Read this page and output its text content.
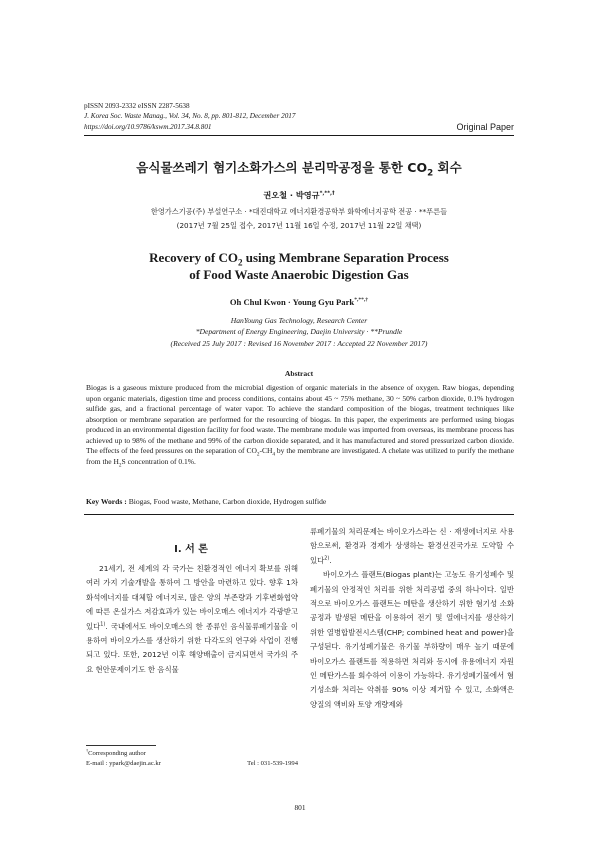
pISSN 2093-2332 eISSN 2287-5638
J. Korea Soc. Waste Manag., Vol. 34, No. 8, pp. 801-812, December 2017
https://doi.org/10.9786/kswm.2017.34.8.801	Original Paper
음식물쓰레기 혐기소화가스의 분리막공정을 통한 $CO_2$ 회수
권오철 · 박영규*,**,†
한영가스기공(주) 부설연구소 · *대진대학교 에너지환경공학부 화학에너지공학 전공 · **푸른들
(2017년 7월 25일 접수, 2017년 11월 16일 수정, 2017년 11월 22일 채택)
Recovery of $CO_2$ using Membrane Separation Process
of Food Waste Anaerobic Digestion Gas
Oh Chul Kwon · Young Gyu Park*,**,†
HanYoung Gas Technology, Research Center
*Department of Energy Engineering, Daejin University · **Prundle
(Received 25 July 2017 : Revised 16 November 2017 : Accepted 22 November 2017)
Abstract
Biogas is a gaseous mixture produced from the microbial digestion of organic materials in the absence of oxygen. Raw biogas, depending upon organic materials, digestion time and process conditions, contains about 45 ~ 75% methane, 30 ~ 50% carbon dioxide, 0.1% hydrogen sulfide gas, and a fractional percentage of water vapor. To achieve the standard composition of the biogas, treatment techniques like absorption or membrane separation are performed for the resourcing of biogas. In this paper, the experiments are performed using biogas produced in an environmental digestion facility for food waste. The membrane module was imported from overseas, its membrane process has achieved up to 98% of the methane and 99% of the carbon dioxide separated, and it has manufactured and stored pressurized carbon dioxide. The effects of the feed pressures on the separation of $CO_2-CH_4$ by the membrane are investigated. A chelate was utilized to purify the methane from the $H_2S$ concentration of 0.1%.
Key Words : Biogas, Food waste, Methane, Carbon dioxide, Hydrogen sulfide
I. 서 론

21세기, 전 세계의 각 국가는 친환경적인 에너지 확보를 위해 여러 가지 기술개발을 통하여 그 방안을 마련하고 있다. 향후 1차 화석에너지를 대체할 에너지로, 많은 양의 부존량과 기후변화협약에 따른 온실가스 저감효과가 있는 바이오매스 에너지가 각광받고 있다$^{1)}$. 국내에서도 바이오매스의 한 종류인 음식물류폐기물을 이용하여 바이오가스를 생산하기 위한 다각도의 연구와 사업이 진행되고 있다. 또한, 2012년 이후 해양배출이 금지되면서 국가의 주요 현안문제이기도 한 음식물

류폐기물의 처리문제는 바이오가스라는 신 · 재생에너지로 사용함으로써, 환경과 경제가 상생하는 환경선진국가로 도약할 수 있다$^{2)}$.

바이오가스 플랜트(Biogas plant)는 고농도 유기성폐수 및 폐기물의 안정적인 처리를 위한 처리공법 중의 하나이다. 일반적으로 바이오가스 플랜트는 메탄을 생산하기 위한 혐기성 소화 공정과 발생된 메탄을 이용하여 전기 및 열에너지를 생산하기 위한 열병합발전시스템(CHP; combined heat and power)을 구성된다. 유기성폐기물은 유기물 부하량이 매우 높기 때문에 바이오가스 플랜트를 적용하면 처리와 동시에 유용에너지 자원인 메탄가스를 회수하여 이용이 가능하다. 유기성폐기물에서 혐기성소화 처리는 악취를 90% 이상 제거할 수 있고, 소화액은 양질의 액비와 토양 개량제와

†Corresponding author
E-mail : ypark@daejin.ac.kr	Tel : 031-539-1994
801
